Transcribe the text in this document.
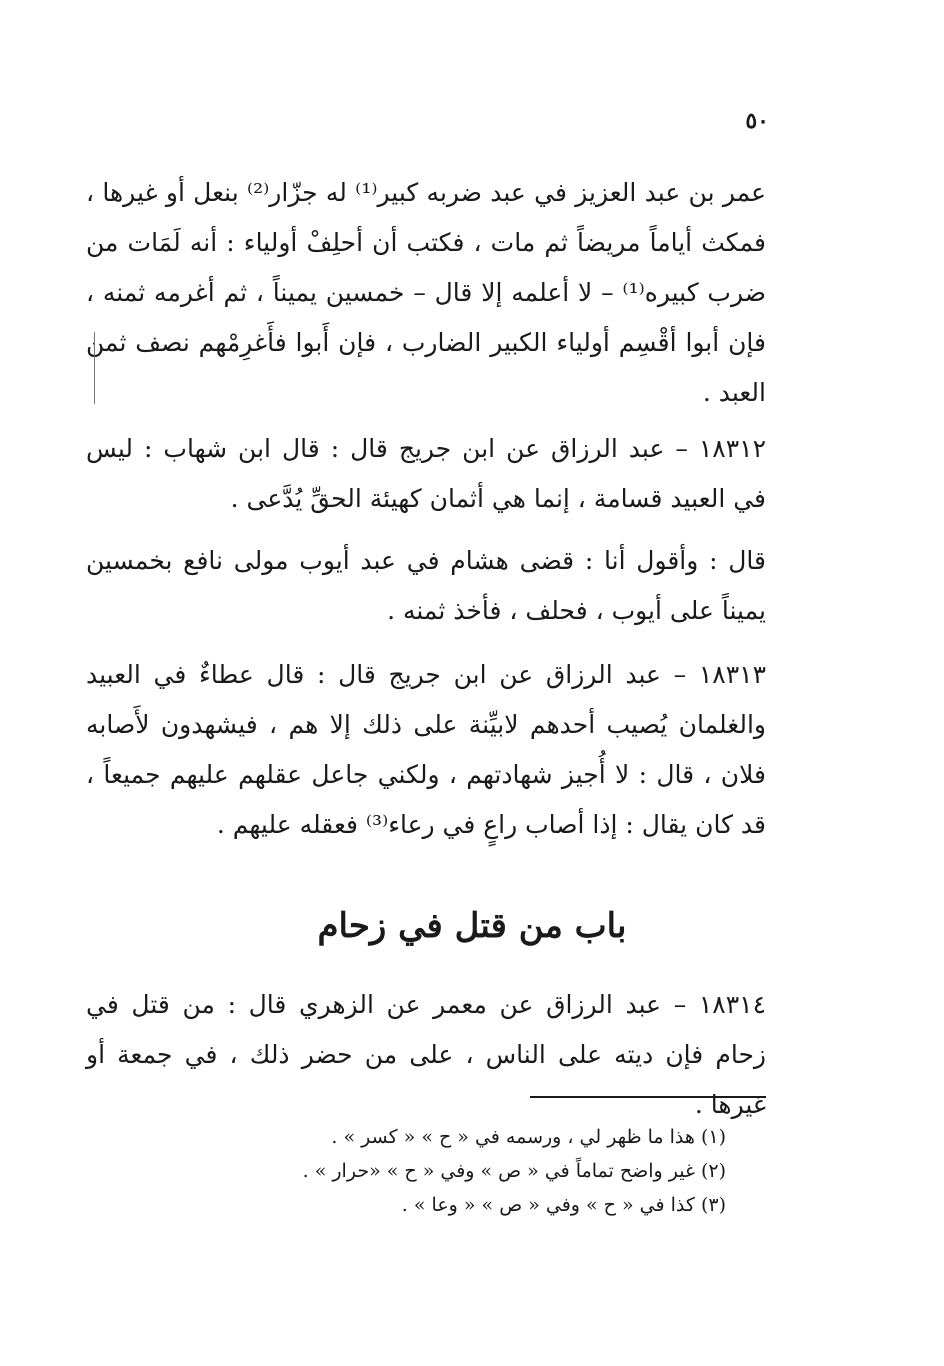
٥٠
عمر بن عبد العزيز في عبد ضربه كبير⁽¹⁾ له جزّار⁽²⁾ بنعل أو غيرها ، فمكث أياماً مريضاً ثم مات ، فكتب أن أحلِفْ أولياء : أنه لَمَات من ضرب كبيره⁽¹⁾ – لا أعلمه إلا قال – خمسين يميناً ، ثم أغرمه ثمنه ، فإن أبوا أقْسِم أولياء الكبير الضارب ، فإن أَبوا فأَغرِمْهم نصف ثمن العبد .
١٨٣١٢ – عبد الرزاق عن ابن جريج قال : قال ابن شهاب : ليس في العبيد قسامة ، إنما هي أثمان كهيئة الحقِّ يُدَّعى .
قال : وأقول أنا : قضى هشام في عبد أيوب مولى نافع بخمسين يميناً على أيوب ، فحلف ، فأخذ ثمنه .
١٨٣١٣ – عبد الرزاق عن ابن جريج قال : قال عطاءٌ في العبيد والغلمان يُصيب أحدهم لابيِّنة على ذلك إلا هم ، فيشهدون لأَصابه فلان ، قال : لا أُجيز شهادتهم ، ولكني جاعل عقلهم عليهم جميعاً ، قد كان يقال : إذا أصاب راعٍ في رعاء⁽³⁾ فعقله عليهم .
باب من قتل في زحام
١٨٣١٤ – عبد الرزاق عن معمر عن الزهري قال : من قتل في زحام فإن ديته على الناس ، على من حضر ذلك ، في جمعة أو غيرها .
(١) هذا ما ظهر لي ، ورسمه في « ح » « كسر » .
(٢) غير واضح تماماً في « ص » وفي « ح » «حرار » .
(٣) كذا في « ح » وفي « ص » « وعا » .
